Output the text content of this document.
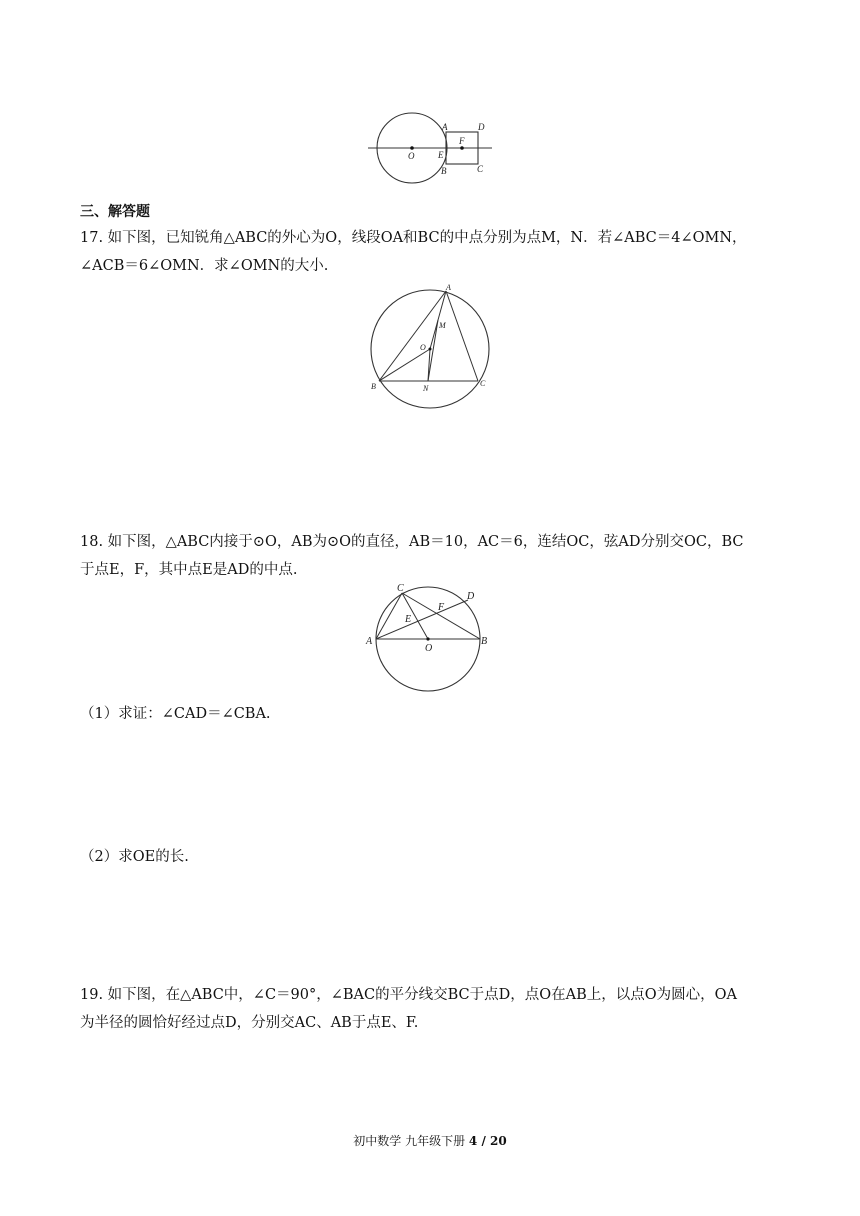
O	E
F
A
B	C
D
三、解答题
17. 如下图，已知锐角△ABC的外心为O，线段OA和BC的中点分别为点M，N．若∠ABC＝4∠OMN，
∠ACB＝6∠OMN．求∠OMN的大小.
A
B	C
M
O
N
18. 如下图，△ABC内接于⊙O，AB为⊙O的直径，AB＝10，AC＝6，连结OC，弦AD分别交OC，BC
于点E，F，其中点E是AD的中点.
A	B
C
D
E
F
O
（1）求证：∠CAD＝∠CBA.
（2）求OE的长.
19. 如下图，在△ABC中，∠C＝90°，∠BAC的平分线交BC于点D，点O在AB上，以点O为圆心，OA
为半径的圆恰好经过点D，分别交AC、AB于点E、F.
初中数学 九年级下册 4 / 20
